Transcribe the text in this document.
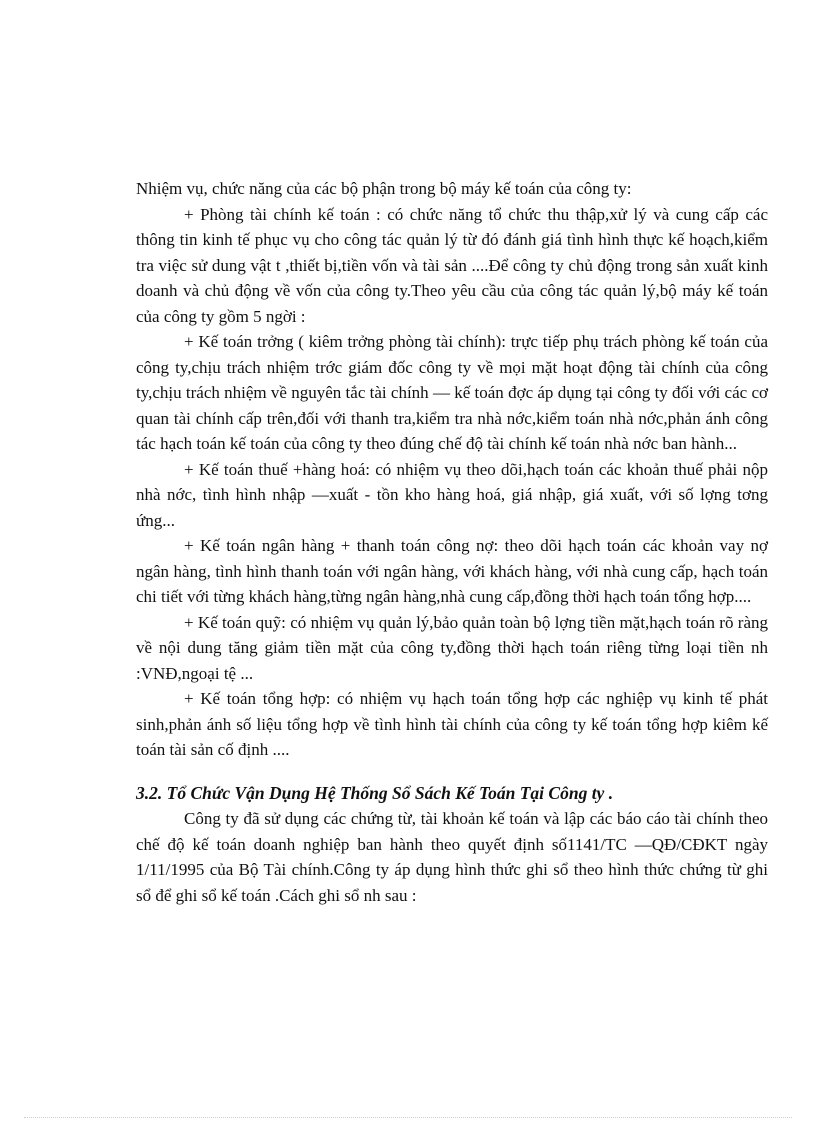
Nhiệm vụ, chức năng của các bộ phận trong bộ máy kế toán của công ty:

+ Phòng tài chính kế toán : có chức năng tổ chức thu thập,xử lý và cung cấp các thông tin kinh tế phục vụ cho công tác quản lý từ đó đánh giá tình hình thực kế hoạch,kiểm tra việc sử dung vật t ,thiết bị,tiền vốn và tài sản ....Để công ty chủ động trong sản xuất kinh doanh và chủ động về vốn của công ty.Theo yêu cầu của công tác quản lý,bộ máy kế toán của công ty gồm 5 ngời :

+ Kế toán trởng ( kiêm trởng phòng tài chính): trực tiếp phụ trách phòng kế toán của công ty,chịu trách nhiệm trớc giám đốc công ty về mọi mặt hoạt động tài chính của công ty,chịu trách nhiệm về nguyên tắc tài chính — kế toán đợc áp dụng tại công ty đối với các cơ quan tài chính cấp trên,đối với thanh tra,kiểm tra nhà nớc,kiểm toán nhà nớc,phản ánh công tác hạch toán kế toán của công ty theo đúng chế độ tài chính kế toán nhà nớc ban hành...

+ Kế toán thuế +hàng hoá: có nhiệm vụ theo dõi,hạch toán các khoản thuế phải nộp nhà nớc, tình hình nhập —xuất - tồn kho hàng hoá, giá nhập, giá xuất, với số lợng tơng ứng...

+ Kế toán ngân hàng + thanh toán công nợ: theo dõi hạch toán các khoản vay nợ ngân hàng, tình hình thanh toán với ngân hàng, với khách hàng, với nhà cung cấp, hạch toán chi tiết với từng khách hàng,từng ngân hàng,nhà cung cấp,đồng thời hạch toán tổng hợp....

+ Kế toán quỹ: có nhiệm vụ quản lý,bảo quản toàn bộ lợng tiền mặt,hạch toán rõ ràng về nội dung tăng giảm tiền mặt của công ty,đồng thời hạch toán riêng từng loại tiền nh :VNĐ,ngoại tệ ...

+ Kế toán tổng hợp: có nhiệm vụ hạch toán tổng hợp các nghiệp vụ kinh tế phát sinh,phản ánh số liệu tổng hợp về tình hình tài chính của công ty kế toán tổng hợp kiêm kế toán tài sản cố định ....

3.2. Tổ Chức Vận Dụng Hệ Thống Sổ Sách Kế Toán Tại Công ty .

Công ty đã sử dụng các chứng từ, tài khoản kế toán và lập các báo cáo tài chính theo chế độ kế toán doanh nghiệp ban hành theo quyết định số1141/TC —QĐ/CĐKT ngày 1/11/1995 của Bộ Tài chính.Công ty áp dụng hình thức ghi sổ theo hình thức chứng từ ghi sổ để ghi sổ kế toán .Cách ghi sổ nh sau :
